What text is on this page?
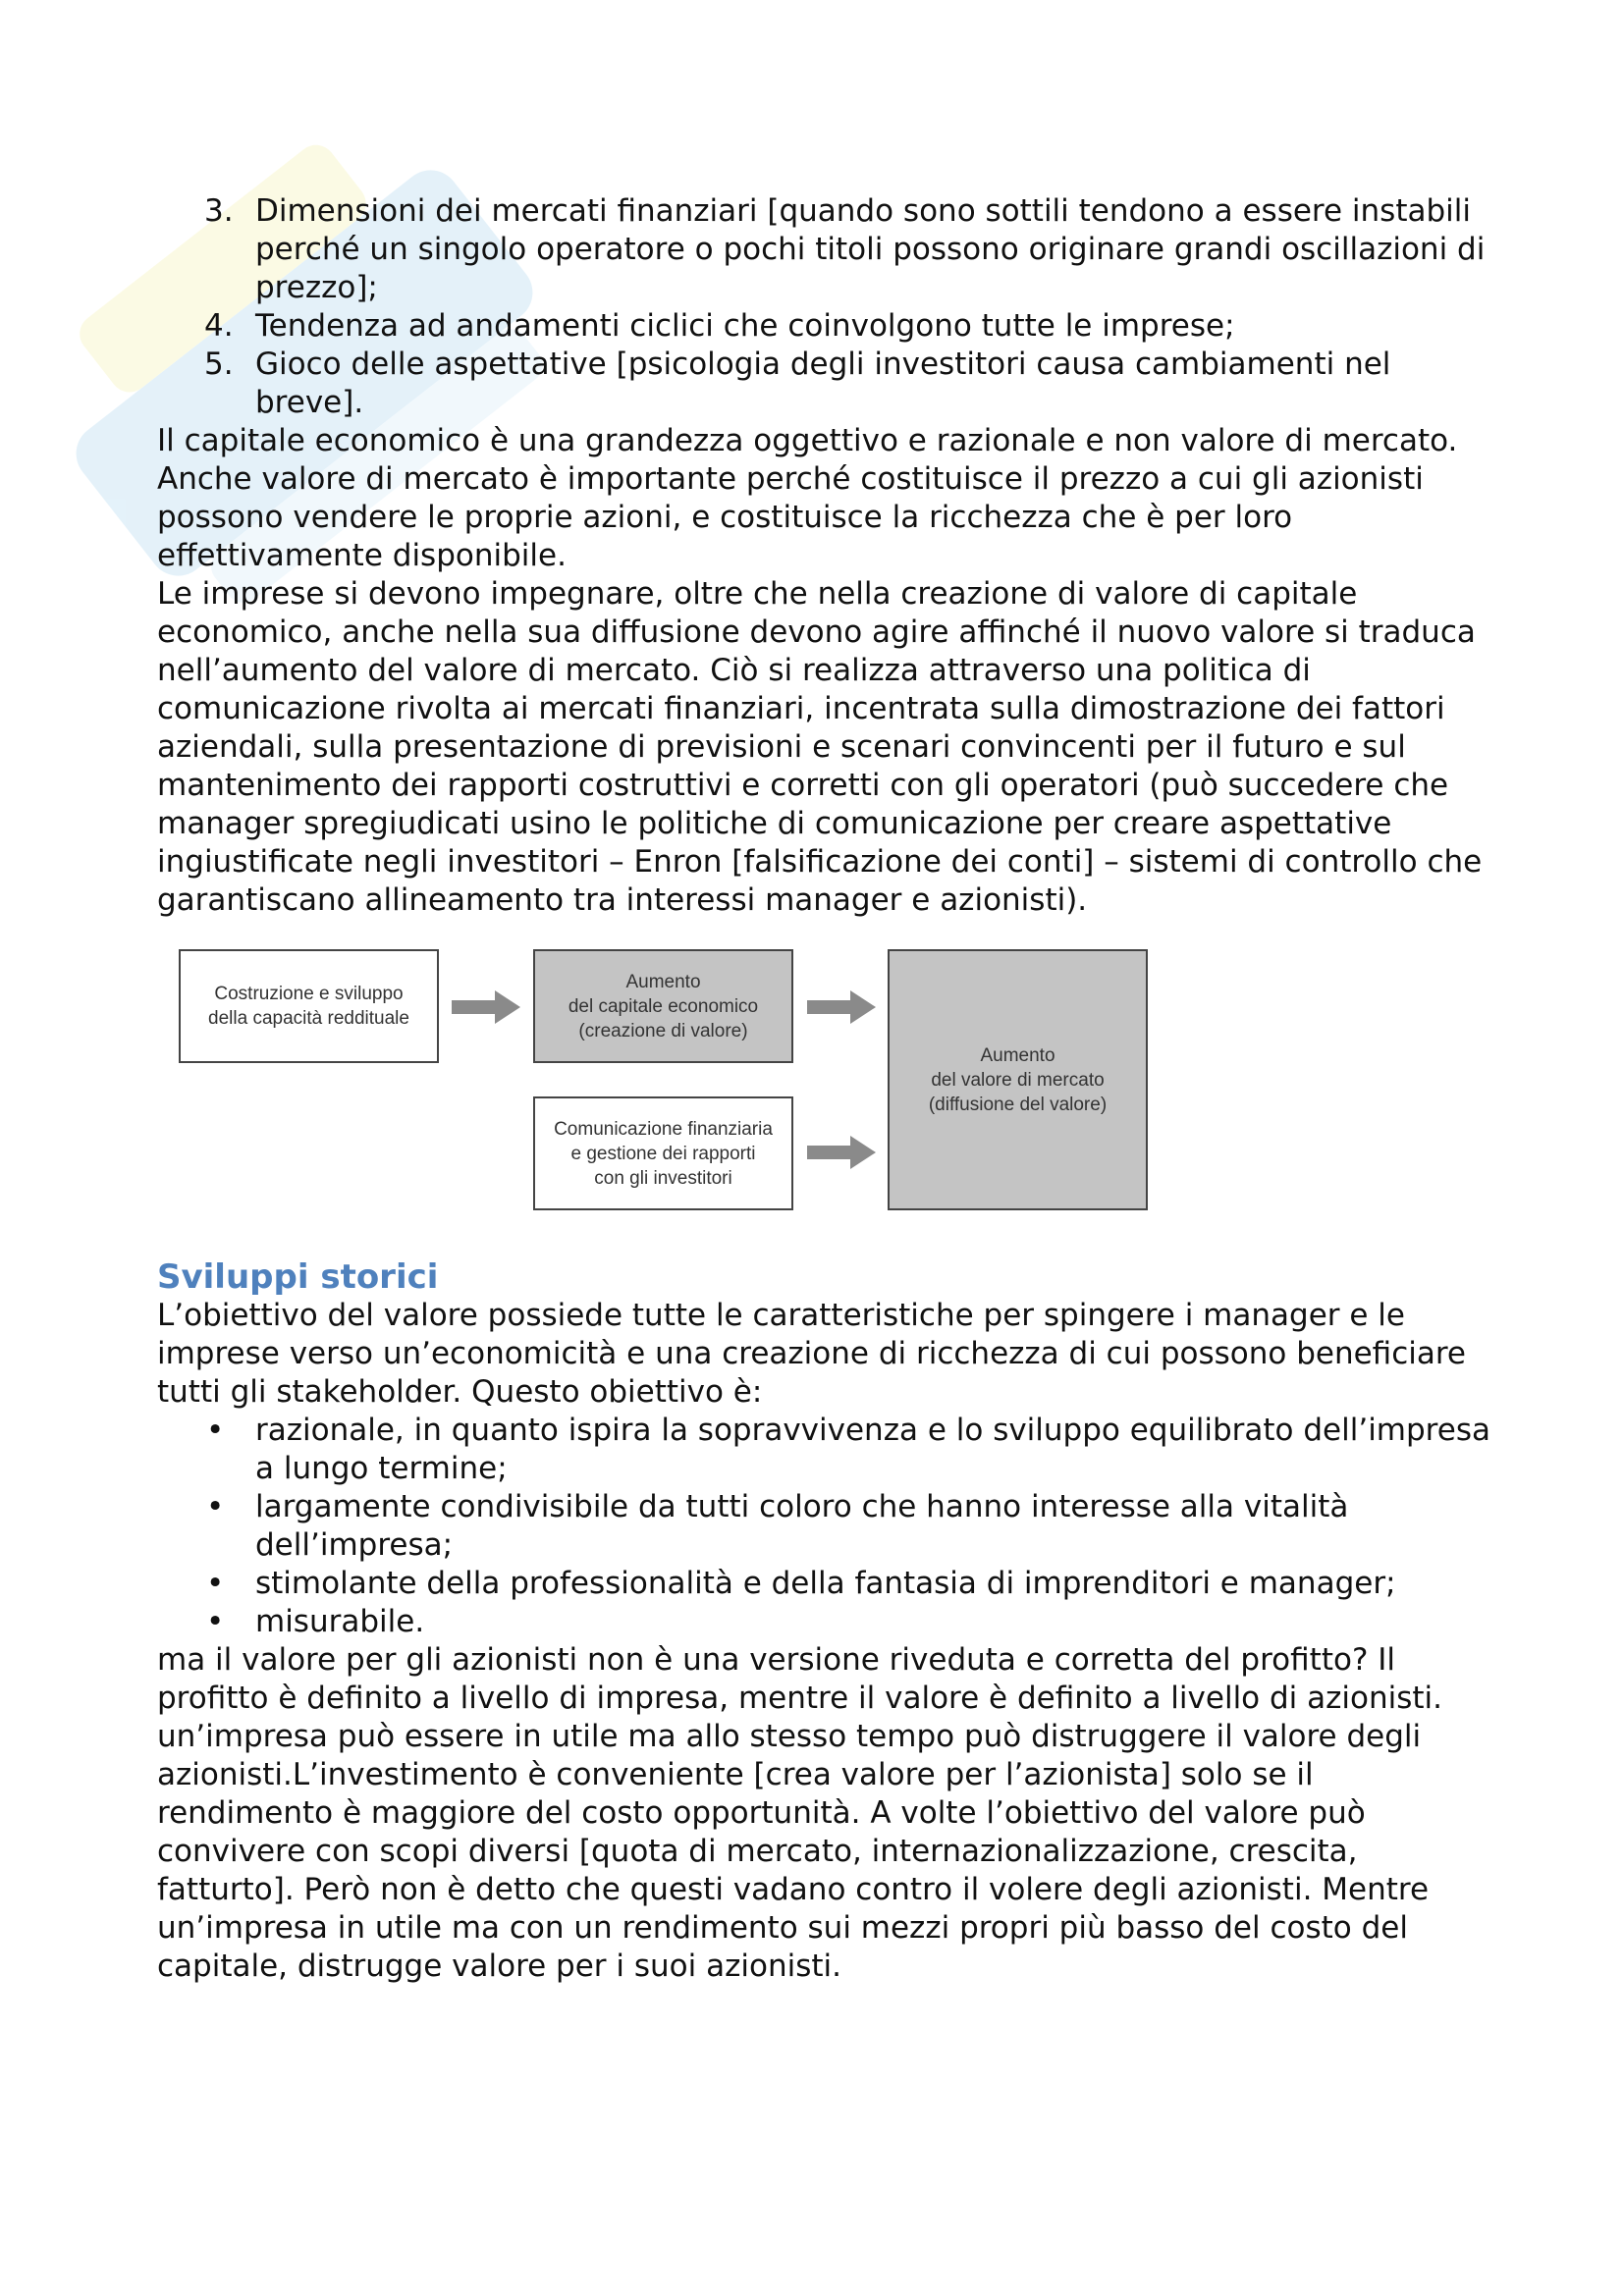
Dimensioni dei mercati finanziari [quando sono sottili tendono a essere instabili perché un singolo operatore o pochi titoli possono originare grandi oscillazioni di prezzo];
Tendenza ad andamenti ciclici che coinvolgono tutte le imprese;
Gioco delle aspettative [psicologia degli investitori causa cambiamenti nel breve].

Il capitale economico è una grandezza oggettivo e razionale e non valore di mercato. Anche valore di mercato è importante perché costituisce il prezzo a cui gli azionisti possono vendere le proprie azioni, e costituisce la ricchezza che è per loro effettivamente disponibile.

Le imprese si devono impegnare, oltre che nella creazione di valore di capitale economico, anche nella sua diffusione devono agire affinché il nuovo valore si traduca nell’aumento del valore di mercato. Ciò si realizza attraverso una politica di comunicazione rivolta ai mercati finanziari, incentrata sulla dimostrazione dei fattori aziendali, sulla presentazione di previsioni e scenari convincenti per il futuro e sul mantenimento dei rapporti costruttivi e corretti con gli operatori (può succedere che manager spregiudicati usino le politiche di comunicazione per creare aspettative ingiustificate negli investitori – Enron [falsificazione dei conti] – sistemi di controllo che garantiscano allineamento tra interessi manager e azionisti).

Costruzione e sviluppo
della capacità reddituale
Aumento
del capitale economico
(creazione di valore)
Comunicazione finanziaria
e gestione dei rapporti
con gli investitori
Aumento
del valore di mercato
(diffusione del valore)
Sviluppi storici

L’obiettivo del valore possiede tutte le caratteristiche per spingere i manager e le imprese verso un’economicità e una creazione di ricchezza di cui possono beneficiare tutti gli stakeholder. Questo obiettivo è:

• razionale, in quanto ispira la sopravvivenza e lo sviluppo equilibrato dell’impresa a lungo termine;
• largamente condivisibile da tutti coloro che hanno interesse alla vitalità dell’impresa;
• stimolante della professionalità e della fantasia di imprenditori e manager;
• misurabile.

ma il valore per gli azionisti non è una versione riveduta e corretta del profitto? Il profitto è definito a livello di impresa, mentre il valore è definito a livello di azionisti. un’impresa può essere in utile ma allo stesso tempo può distruggere il valore degli azionisti.L’investimento è conveniente [crea valore per l’azionista] solo se il rendimento è maggiore del costo opportunità. A volte l’obiettivo del valore può convivere con scopi diversi [quota di mercato, internazionalizzazione, crescita, fatturto]. Però non è detto che questi vadano contro il volere degli azionisti. Mentre un’impresa in utile ma con un rendimento sui mezzi propri più basso del costo del capitale, distrugge valore per i suoi azionisti.
